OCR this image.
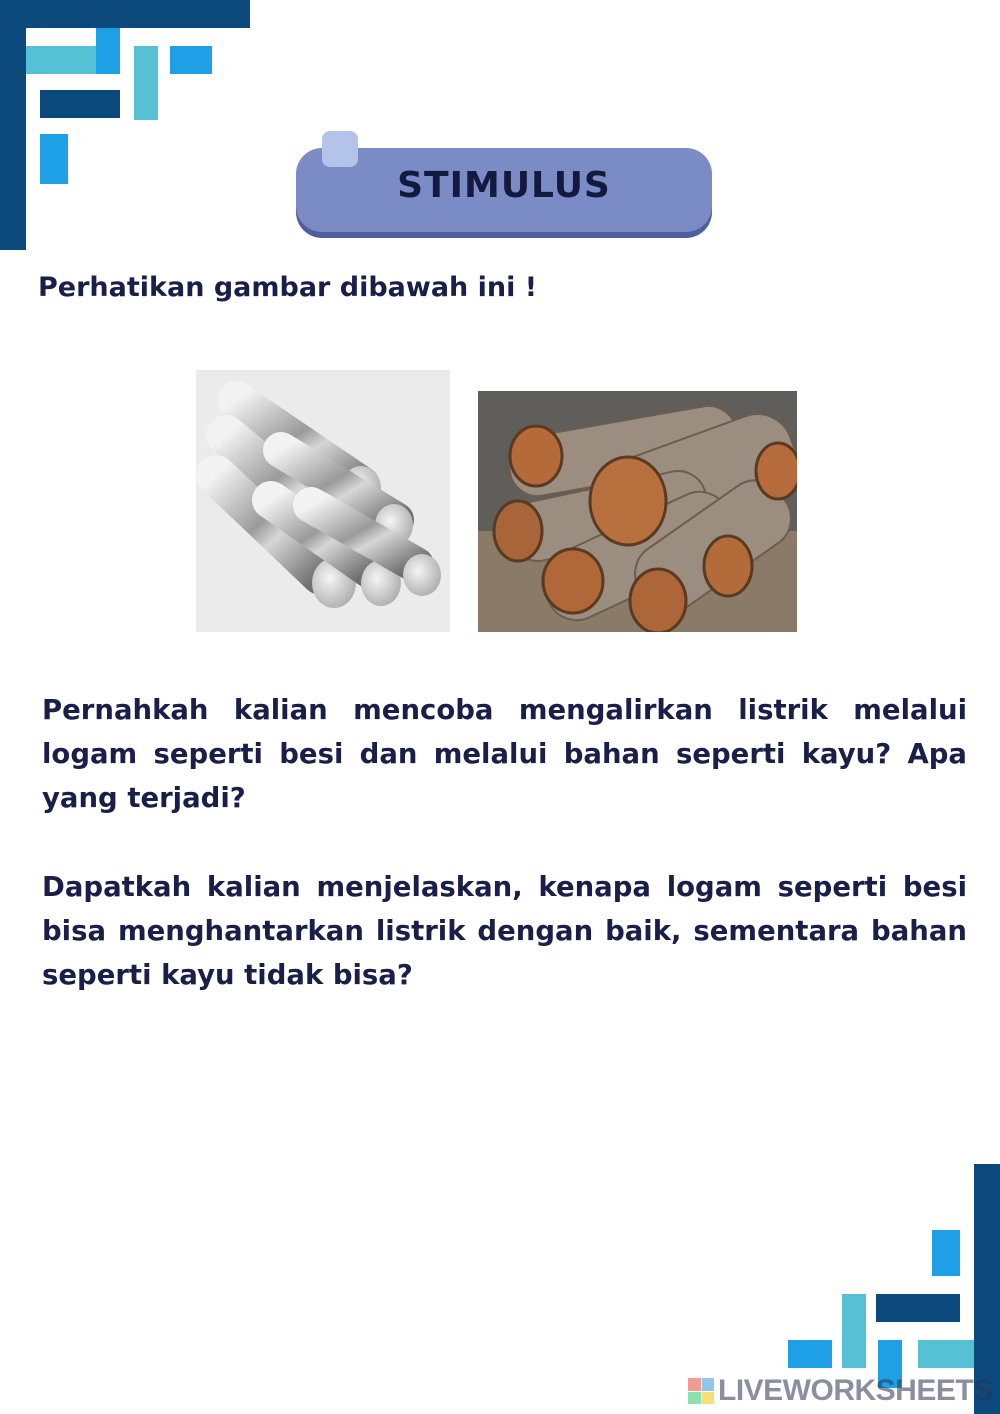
STIMULUS
Perhatikan gambar dibawah ini !
Pernahkah kalian mencoba mengalirkan listrik melalui logam seperti besi dan melalui bahan seperti kayu? Apa yang terjadi?
Dapatkah kalian menjelaskan, kenapa logam seperti besi bisa menghantarkan listrik dengan baik, sementara bahan seperti kayu tidak bisa?
LIVEWORKSHEETS
